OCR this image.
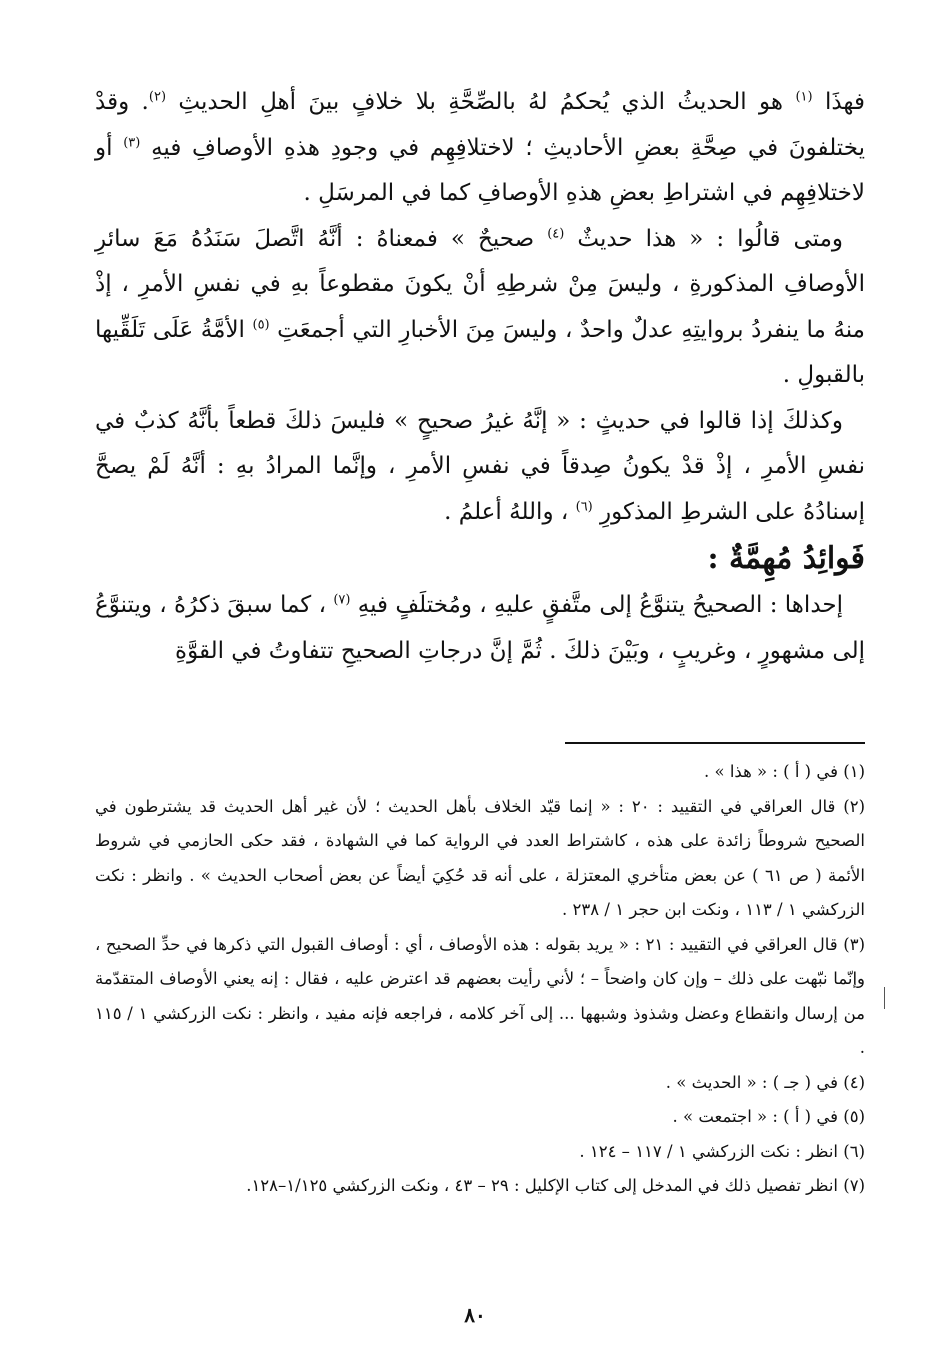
فهذَا $^{(١)}$ هو الحديثُ الذي يُحكمُ لهُ بالصِّحَّةِ بلا خلافٍ بينَ أهلِ الحديثِ $^{(٢)}$. وقدْ يختلفونَ في صِحَّةِ بعضِ الأحاديثِ ؛ لاختلافِهِم في وجودِ هذهِ الأوصافِ فيهِ $^{(٣)}$ أو لاختلافِهِم في اشتراطِ بعضِ هذهِ الأوصافِ كما في المرسَلِ .

ومتى قالُوا : « هذا حديثٌ $^{(٤)}$ صحيحٌ » فمعناهُ : أنَّهُ اتَّصلَ سَنَدُهُ مَعَ سائرِ الأوصافِ المذكورةِ ، وليسَ مِنْ شرطِهِ أنْ يكونَ مقطوعاً بهِ في نفسِ الأمرِ ، إذْ منهُ ما ينفردُ بروايتِهِ عدلٌ واحدٌ ، وليسَ مِنَ الأخبارِ التي أجمعَتِ $^{(٥)}$ الأمَّةُ عَلَى تَلَقِّيها بالقبولِ .

وكذلكَ إذا قالوا في حديثٍ : « إنَّهُ غيرُ صحيحٍ » فليسَ ذلكَ قطعاً بأنَّهُ كذبٌ في نفسِ الأمرِ ، إذْ قدْ يكونُ صِدقاً في نفسِ الأمرِ ، وإنَّما المرادُ بهِ : أنَّهُ لَمْ يصحَّ إسنادُهُ على الشرطِ المذكورِ $^{(٦)}$ ، واللهُ أعلمُ .

فَوائِدُ مُهِمَّةٌ :

إحداها : الصحيحُ يتنوَّعُ إلى متَّفقٍ عليهِ ، ومُختلَفٍ فيهِ $^{(٧)}$ ، كما سبقَ ذكرُهُ ، ويتنوَّعُ إلى مشهورٍ ، وغريبٍ ، وبَيْنَ ذلكَ . ثُمَّ إنَّ درجاتِ الصحيحِ تتفاوتُ في القوَّةِ

(١) في ( أ ) : « هذا » .

(٢) قال العراقي في التقييد : ٢٠ : « إنما قيّد الخلاف بأهل الحديث ؛ لأن غير أهل الحديث قد يشترطون في الصحيح شروطاً زائدة على هذه ، كاشتراط العدد في الرواية كما في الشهادة ، فقد حكى الحازمي في شروط الأئمة ( ص ٦١ ) عن بعض متأخري المعتزلة ، على أنه قد حُكِيَ أيضاً عن بعض أصحاب الحديث » . وانظر : نكت الزركشي ١ / ١١٣ ، ونكت ابن حجر ١ / ٢٣٨ .

(٣) قال العراقي في التقييد : ٢١ : « يريد بقوله : هذه الأوصاف ، أي : أوصاف القبول التي ذكرها في حدِّ الصحيح ، وإنّما نبّهت على ذلك – وإن كان واضحاً – ؛ لأني رأيت بعضهم قد اعترض عليه ، فقال : إنه يعني الأوصاف المتقدّمة من إرسال وانقطاع وعضل وشذوذ وشبهها ... إلى آخر كلامه ، فراجعه فإنه مفيد ، وانظر : نكت الزركشي ١ / ١١٥ .

(٤) في ( جـ ) : « الحديث » .

(٥) في ( أ ) : « اجتمعت » .

(٦) انظر : نكت الزركشي ١ / ١١٧ – ١٢٤ .

(٧) انظر تفصيل ذلك في المدخل إلى كتاب الإكليل : ٢٩ – ٤٣ ، ونكت الزركشي ١/١٢٥–١٢٨.

٨٠
